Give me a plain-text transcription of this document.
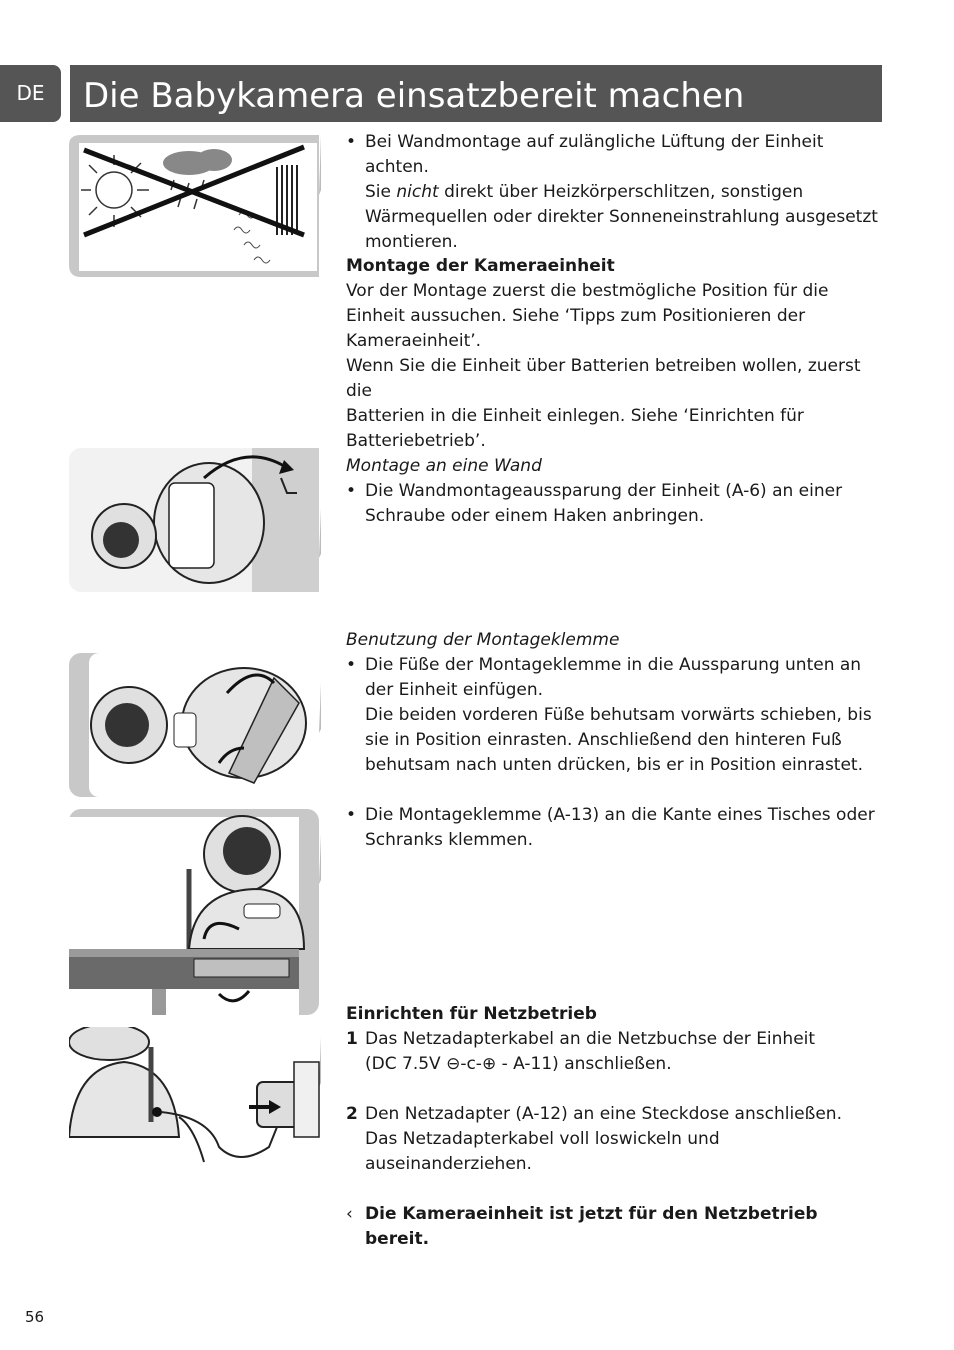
DE	Die Babykamera einsatzbereit machen
• Bei Wandmontage auf zulängliche Lüftung der Einheit achten.

Sie nicht direkt über Heizkörperschlitzen, sonstigen

Wärmequellen oder direkter Sonneneinstrahlung ausgesetzt

montieren.

Montage der Kameraeinheit

Vor der Montage zuerst die bestmögliche Position für die

Einheit aussuchen. Siehe ‘Tipps zum Positionieren der

Kameraeinheit’.

Wenn Sie die Einheit über Batterien betreiben wollen, zuerst die

Batterien in die Einheit einlegen. Siehe ‘Einrichten für

Batteriebetrieb’.

Montage an eine Wand

• Die Wandmontageaussparung der Einheit (A-6) an einer

Schraube oder einem Haken anbringen.

Benutzung der Montageklemme

• Die Füße der Montageklemme in die Aussparung unten an

der Einheit einfügen.

Die beiden vorderen Füße behutsam vorwärts schieben, bis

sie in Position einrasten. Anschließend den hinteren Fuß

behutsam nach unten drücken, bis er in Position einrastet.

• Die Montageklemme (A-13) an die Kante eines Tisches oder

Schranks klemmen.

Einrichten für Netzbetrieb

1 Das Netzadapterkabel an die Netzbuchse der Einheit

(DC 7.5V ⊖-ϲ-⊕ - A-11) anschließen.

2 Den Netzadapter (A-12) an eine Steckdose anschließen.

Das Netzadapterkabel voll loswickeln und auseinanderziehen.

‹ Die Kameraeinheit ist jetzt für den Netzbetrieb

bereit.

56
